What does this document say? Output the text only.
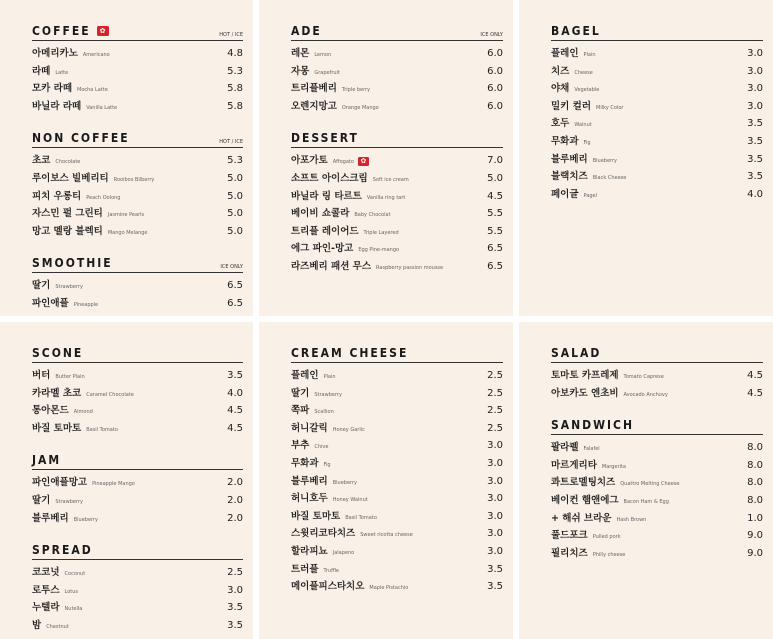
COFFEE ✿	HOT / ICE
아메리카노 Americano	4.8
라떼 Latte	5.3
모카 라떼 Mocha Latte	5.8
바닐라 라떼 Vanilla Latte	5.8
NON COFFEE	HOT / ICE
초코 Chocolate	5.3
루이보스 빌베리티 Rooibos Bilberry	5.0
피치 우롱티 Peach Oolong	5.0
자스민 펄 그린티 Jasmine Pearls	5.0
망고 멜랑 블렉티 Mango Melange	5.0
SMOOTHIE	ICE ONLY
딸기 Strawberry	6.5
파인애플 Pineapple	6.5
ADE	ICE ONLY
레몬 Lemon	6.0
자몽 Grapefruit	6.0
트리플베리 Triple berry	6.0
오렌지망고 Orange Mango	6.0
DESSERT
아포가토 Affogato ✿	7.0
소프트 아이스크림 Soft ice cream	5.0
바닐라 링 타르트 Vanilla ring tart	4.5
베이비 쇼콜라 Baby Chocolat	5.5
트리플 레이어드 Triple Layered	5.5
에그 파인-망고 Egg Pine-mango	6.5
라즈베리 패션 무스 Raspberry passion mousse	6.5
BAGEL
플레인 Plain	3.0
치즈 Cheese	3.0
야채 Vegetable	3.0
밀키 컬러 Milky Color	3.0
호두 Walnut	3.5
무화과 Fig	3.5
블루베리 Blueberry	3.5
블랙치즈 Black Cheese	3.5
페이글 Pagel	4.0
SCONE
버터 Butter Plain	3.5
카라멜 초코 Caramel Chocolate	4.0
통아몬드 Almond	4.5
바질 토마토 Basil Tomato	4.5
JAM
파인애플망고 Pineapple Mango	2.0
딸기 Strawberry	2.0
블루베리 Blueberry	2.0
SPREAD
코코넛 Coconut	2.5
로투스 Lotus	3.0
누텔라 Nutella	3.5
밤 Chestnut	3.5
CREAM CHEESE
플레인 Plain	2.5
딸기 Strawberry	2.5
쪽파 Scallion	2.5
허니갈릭 Honey Garlic	2.5
부추 Chive	3.0
무화과 Fig	3.0
블루베리 Blueberry	3.0
허니호두 Honey Walnut	3.0
바질 토마토 Basil Tomato	3.0
스윗리코타치즈 Sweet ricotta cheese	3.0
할라피뇨 Jalapeno	3.0
트러플 Truffle	3.5
메이플피스타치오 Maple Pistachio	3.5
SALAD
토마토 카프레제 Tomato Caprese	4.5
아보카도 엔초비 Avocado Anchovy	4.5
SANDWICH
팔라펠 Falafel	8.0
마르게리타 Margerita	8.0
콰트로멜팅치즈 Quattro Melting Cheese	8.0
베이컨 햄앤에그 Bacon Ham & Egg	8.0
+ 해쉬 브라운 Hash Brown	1.0
풀드포크 Pulled pork	9.0
필리치즈 Philly cheese	9.0
